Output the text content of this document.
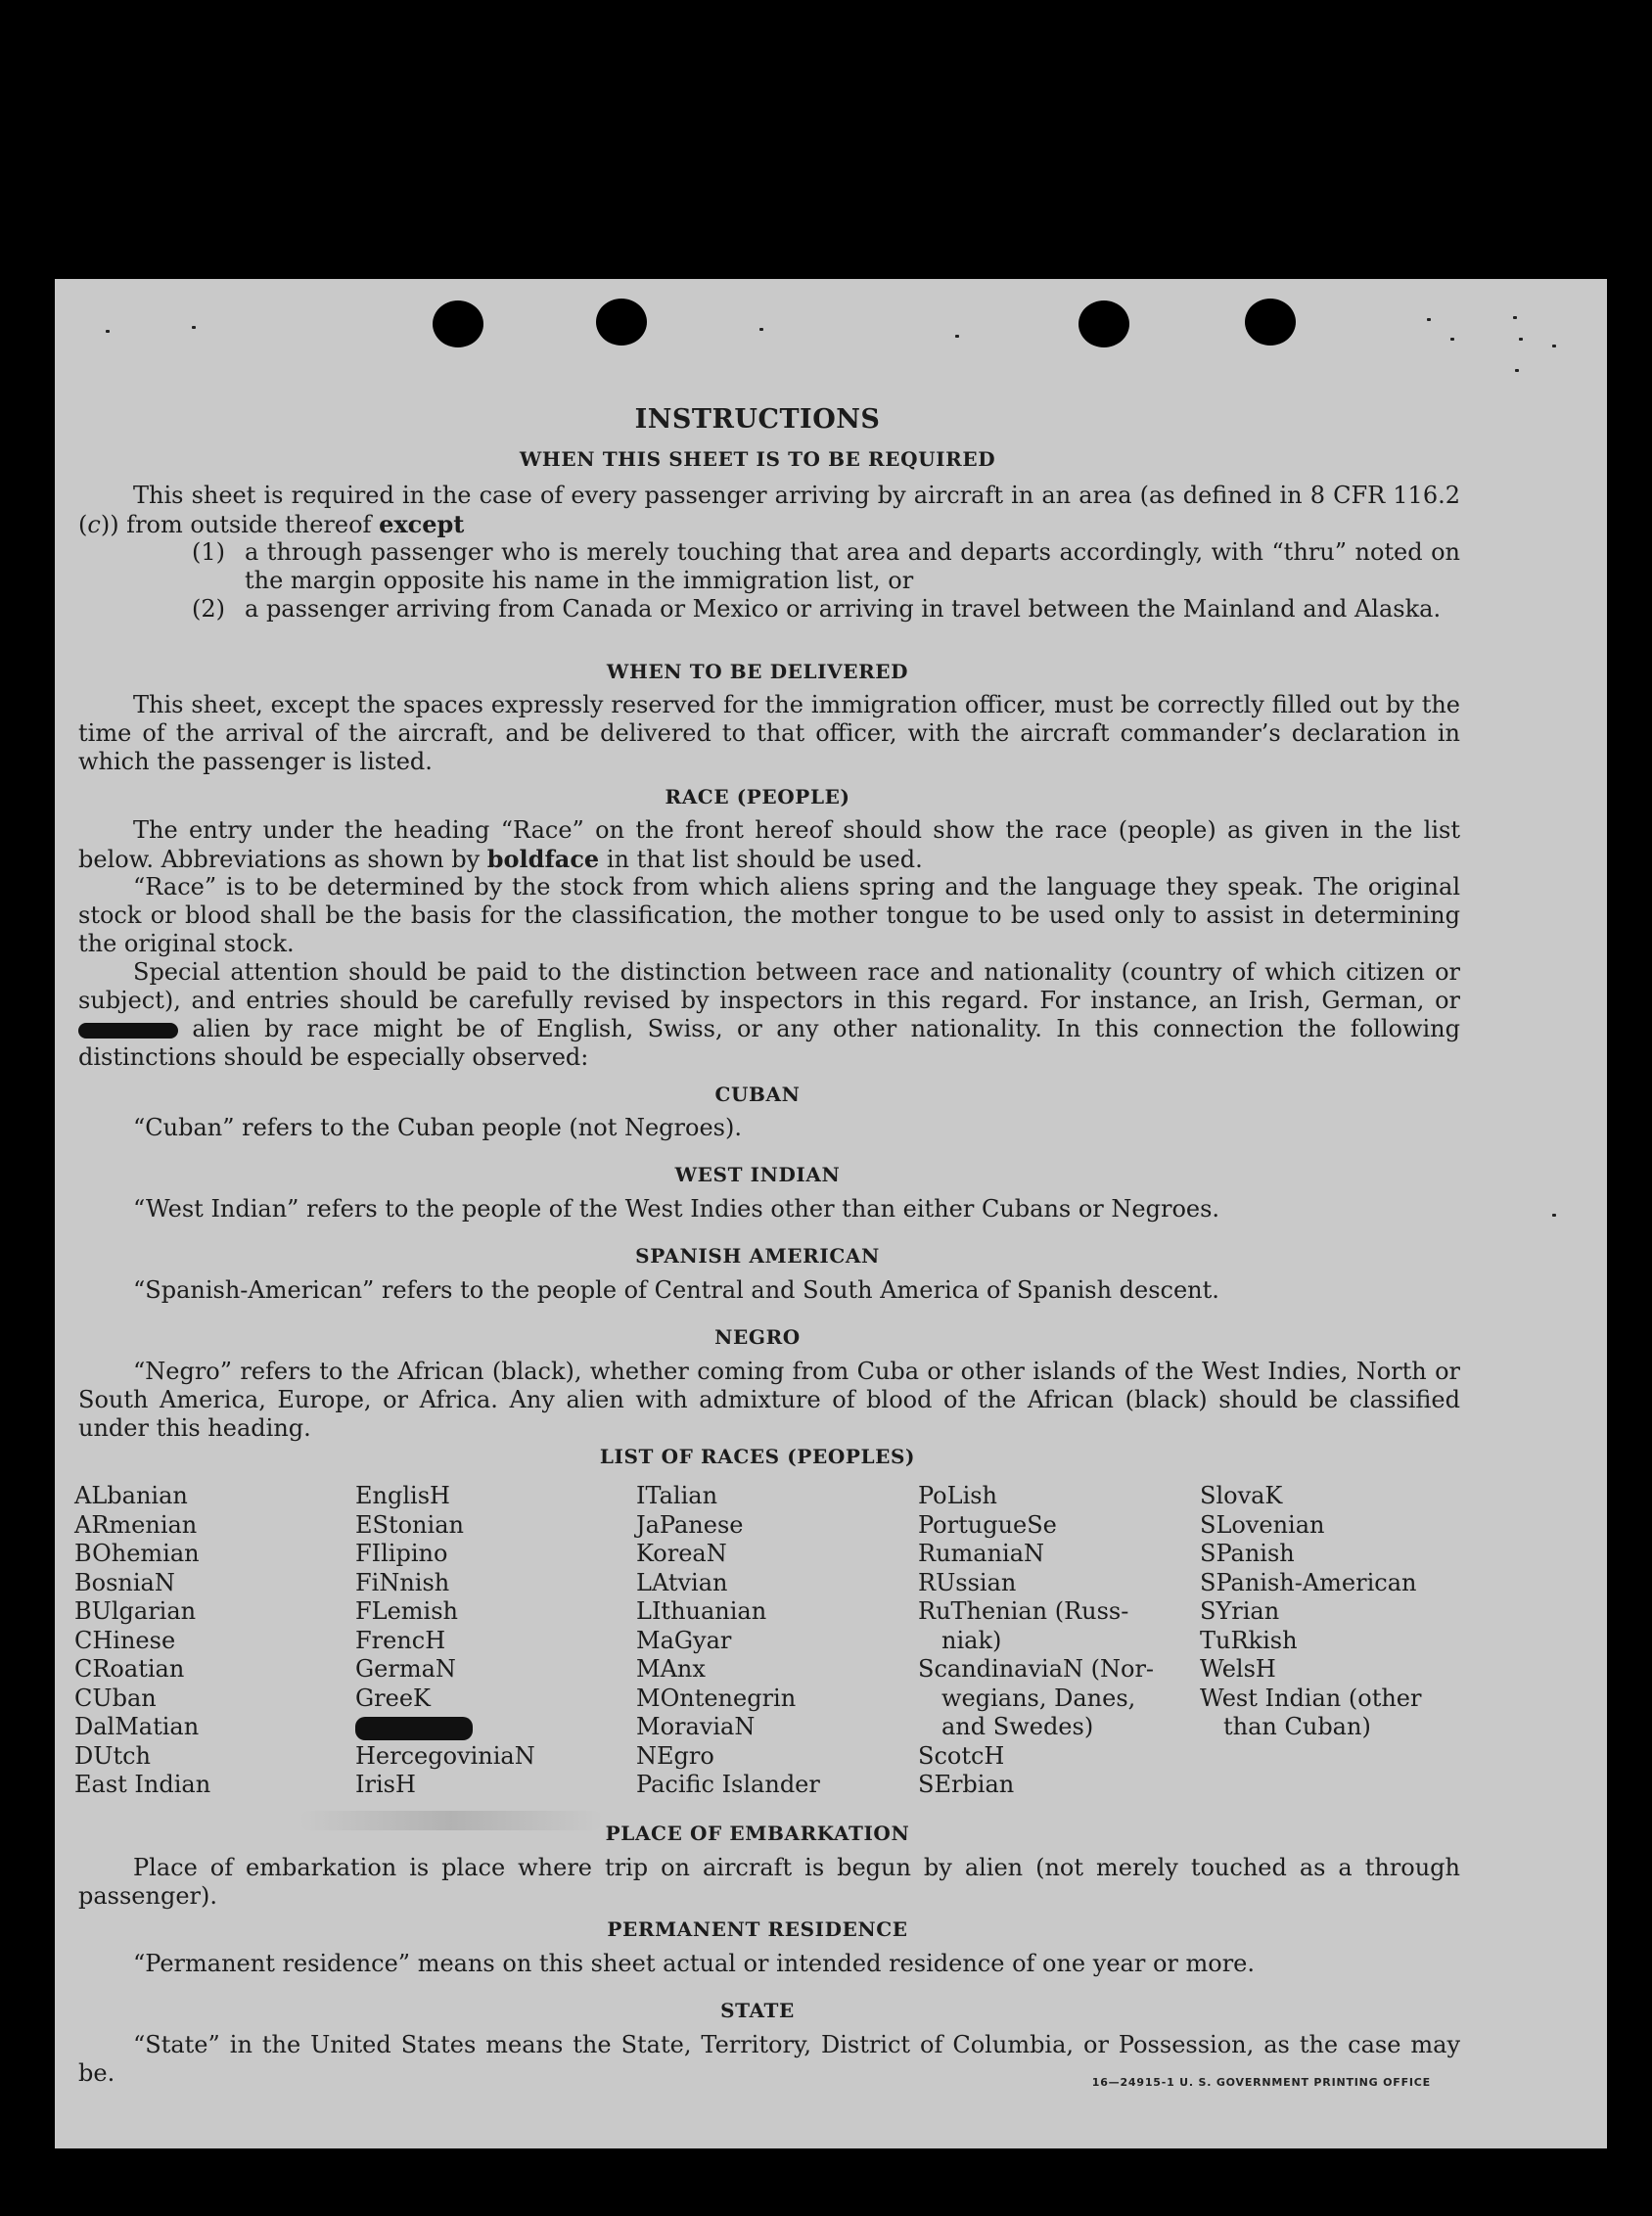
INSTRUCTIONS
WHEN THIS SHEET IS TO BE REQUIRED

This sheet is required in the case of every passenger arriving by aircraft in an area (as defined in 8 CFR 116.2 (c)) from outside thereof except

(1) a through passenger who is merely touching that area and departs accordingly, with “thru” noted on the margin opposite his name in the immigration list, or
(2) a passenger arriving from Canada or Mexico or arriving in travel between the Mainland and Alaska.
WHEN TO BE DELIVERED

This sheet, except the spaces expressly reserved for the immigration officer, must be correctly filled out by the time of the arrival of the aircraft, and be delivered to that officer, with the aircraft commander’s declaration in which the passenger is listed.

RACE (PEOPLE)

The entry under the heading “Race” on the front hereof should show the race (people) as given in the list below. Abbreviations as shown by boldface in that list should be used.

“Race” is to be determined by the stock from which aliens spring and the language they speak. The original stock or blood shall be the basis for the classification, the mother tongue to be used only to assist in determining the original stock.

Special attention should be paid to the distinction between race and nationality (country of which citizen or subject), and entries should be carefully revised by inspectors in this regard. For instance, an Irish, German, or  alien by race might be of English, Swiss, or any other nationality. In this connection the following distinctions should be especially observed:

CUBAN

“Cuban” refers to the Cuban people (not Negroes).

WEST INDIAN

“West Indian” refers to the people of the West Indies other than either Cubans or Negroes.

SPANISH AMERICAN

“Spanish-American” refers to the people of Central and South America of Spanish descent.

NEGRO

“Negro” refers to the African (black), whether coming from Cuba or other islands of the West Indies, North or South America, Europe, or Africa. Any alien with admixture of blood of the African (black) should be classified under this heading.

LIST OF RACES (PEOPLES)
ALbanian
ARmenian
BOhemian
BosniaN
BUlgarian
CHinese
CRoatian
CUban
DalMatian
DUtch
East Indian
EnglisH
EStonian
FIlipino
FiNnish
FLemish
FrencH
GermaN
GreeK
HercegoviniaN
IrisH
ITalian
JaPanese
KoreaN
LAtvian
LIthuanian
MaGyar
MAnx
MOntenegrin
MoraviaN
NEgro
Pacific Islander
PoLish
PortugueSe
RumaniaN
RUssian
RuThenian (Russ-
niak)
ScandinaviaN (Nor-
wegians, Danes,
and Swedes)
ScotcH
SErbian
SlovaK
SLovenian
SPanish
SPanish-American
SYrian
TuRkish
WelsH
West Indian (other
than Cuban)
PLACE OF EMBARKATION

Place of embarkation is place where trip on aircraft is begun by alien (not merely touched as a through passenger).

PERMANENT RESIDENCE

“Permanent residence” means on this sheet actual or intended residence of one year or more.

STATE

“State” in the United States means the State, Territory, District of Columbia, or Possession, as the case may be.	16—24915-1 U. S. GOVERNMENT PRINTING OFFICE
